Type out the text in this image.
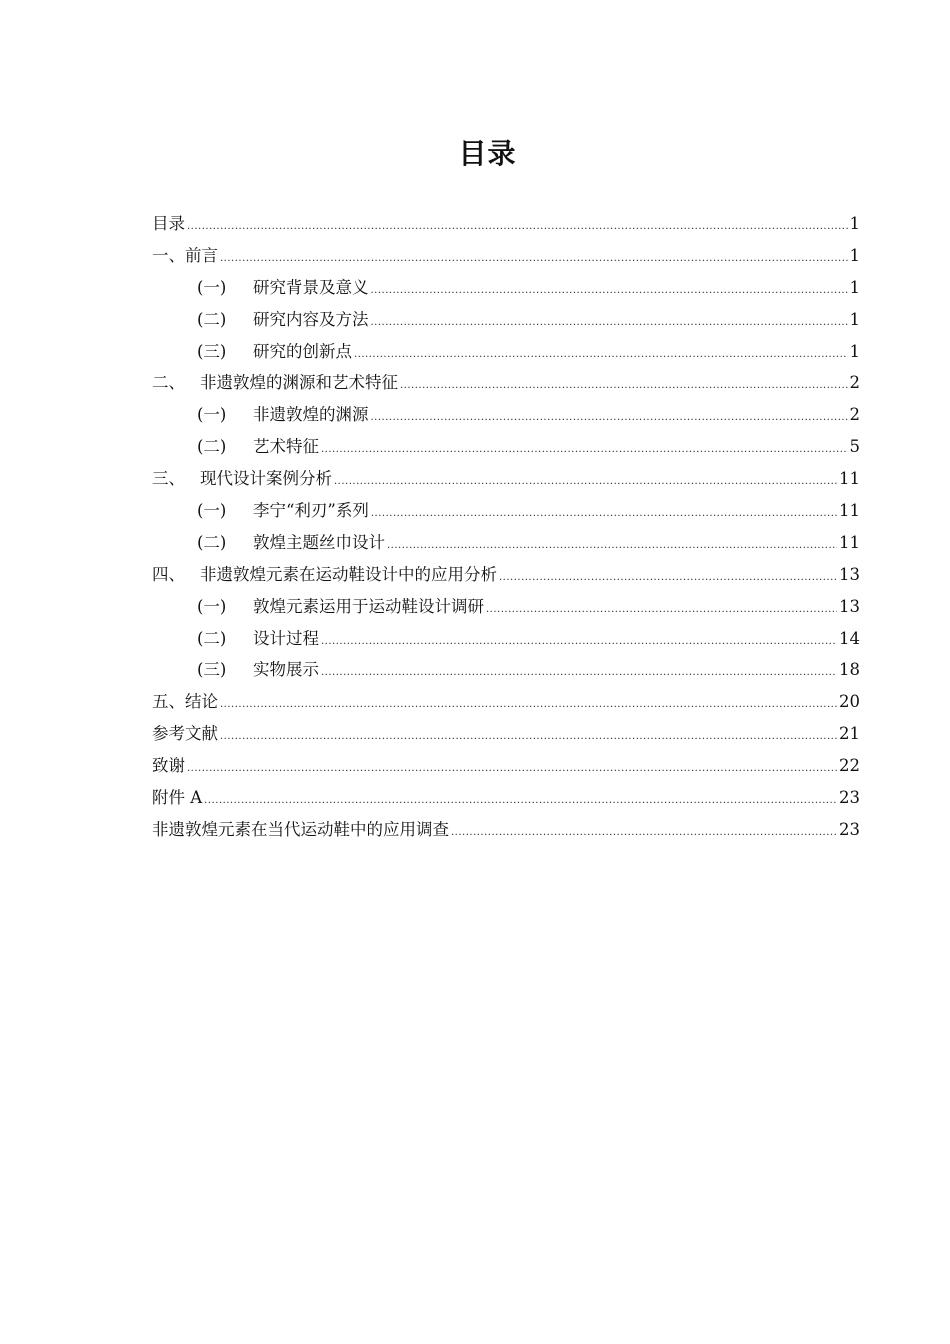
目录
目录 .....	1
一、前言 .....	1
(一) 研究背景及意义 .....	1
(二) 研究内容及方法 .....	1
(三) 研究的创新点 .....	1
二、 非遗敦煌的渊源和艺术特征 .....	2
(一) 非遗敦煌的渊源 .....	2
(二) 艺术特征 .....	5
三、 现代设计案例分析 .....	11
(一) 李宁“利刃”系列 .....	11
(二) 敦煌主题丝巾设计 .....	11
四、 非遗敦煌元素在运动鞋设计中的应用分析 .....	13
(一) 敦煌元素运用于运动鞋设计调研 .....	13
(二) 设计过程 .....	14
(三) 实物展示 .....	18
五、结论 .....	20
参考文献 .....	21
致谢 .....	22
附件 A .....	23
非遗敦煌元素在当代运动鞋中的应用调查 .....	23
